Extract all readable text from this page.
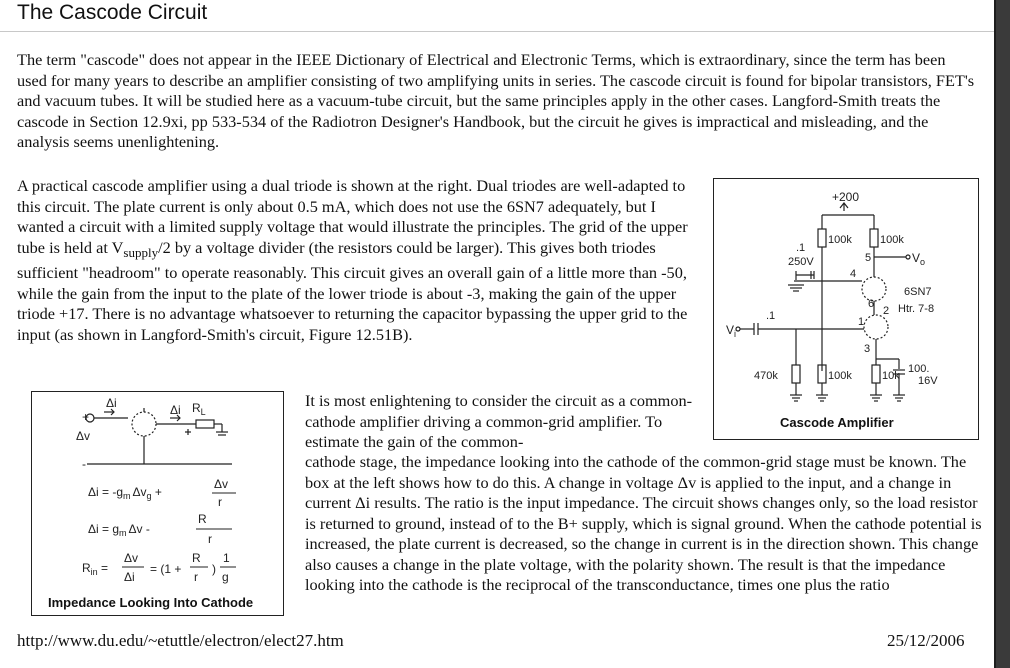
The Cascode Circuit

The term "cascode" does not appear in the IEEE Dictionary of Electrical and Electronic Terms, which is extraordinary, since the term has been used for many years to describe an amplifier consisting of two amplifying units in series. The cascode circuit is found for bipolar transistors, FET's and vacuum tubes. It will be studied here as a vacuum-tube circuit, but the same principles apply in the other cases. Langford-Smith treats the cascode in Section 12.9xi, pp 533-534 of the Radiotron Designer's Handbook, but the circuit he gives is impractical and misleading, and the analysis seems unenlightening.

A practical cascode amplifier using a dual triode is shown at the right. Dual triodes are well-adapted to this circuit. The plate current is only about 0.5 mA, which does not use the 6SN7 adequately, but I wanted a circuit with a limited supply voltage that would illustrate the principles. The grid of the upper tube is held at $V_{supply}/2$ by a voltage divider (the resistors could be larger). This gives both triodes sufficient "headroom" to operate reasonably. This circuit gives an overall gain of a little more than -50, while the gain from the input to the plate of the lower triode is about -3, making the gain of the upper triode +17. There is no advantage whatsoever to returning the capacitor bypassing the upper grid to the input (as shown in Langford-Smith's circuit, Figure 12.51B).

It is most enlightening to consider the circuit as a common-cathode amplifier driving a common-grid amplifier. To estimate the gain of the common-

cathode stage, the impedance looking into the cathode of the common-grid stage must be known. The box at the left shows how to do this. A change in voltage Δv is applied to the input, and a change in current Δi results. The ratio is the input impedance. The circuit shows changes only, so the load resistor is returned to ground, instead of to the B+ supply, which is signal ground. When the cathode potential is increased, the plate current is decreased, so the change in current is in the direction shown. This change also causes a change in the plate voltage, with the polarity shown. The result is that the impedance looking into the cathode is the reciprocal of the transconductance, times one plus the ratio

+200
100k	100k
.1
250V	5
4
6
2
1
3
$V_o$
6SN7
Htr. 7-8
.1
$V_i$
470k	100k	10k
100.
16V
Cascode Amplifier
Δi	Δi $R_L$
Δv
+
-
$\Delta i = -g_m$ $\Delta v_g$ +
Δv
r
$\Delta i = g_m$ Δv -
R
r
$R_{in}$ =
Δv
Δi
= (1 +
R
r
)
1
g
Impedance Looking Into Cathode
http://www.du.edu/~etuttle/electron/elect27.htm	25/12/2006
